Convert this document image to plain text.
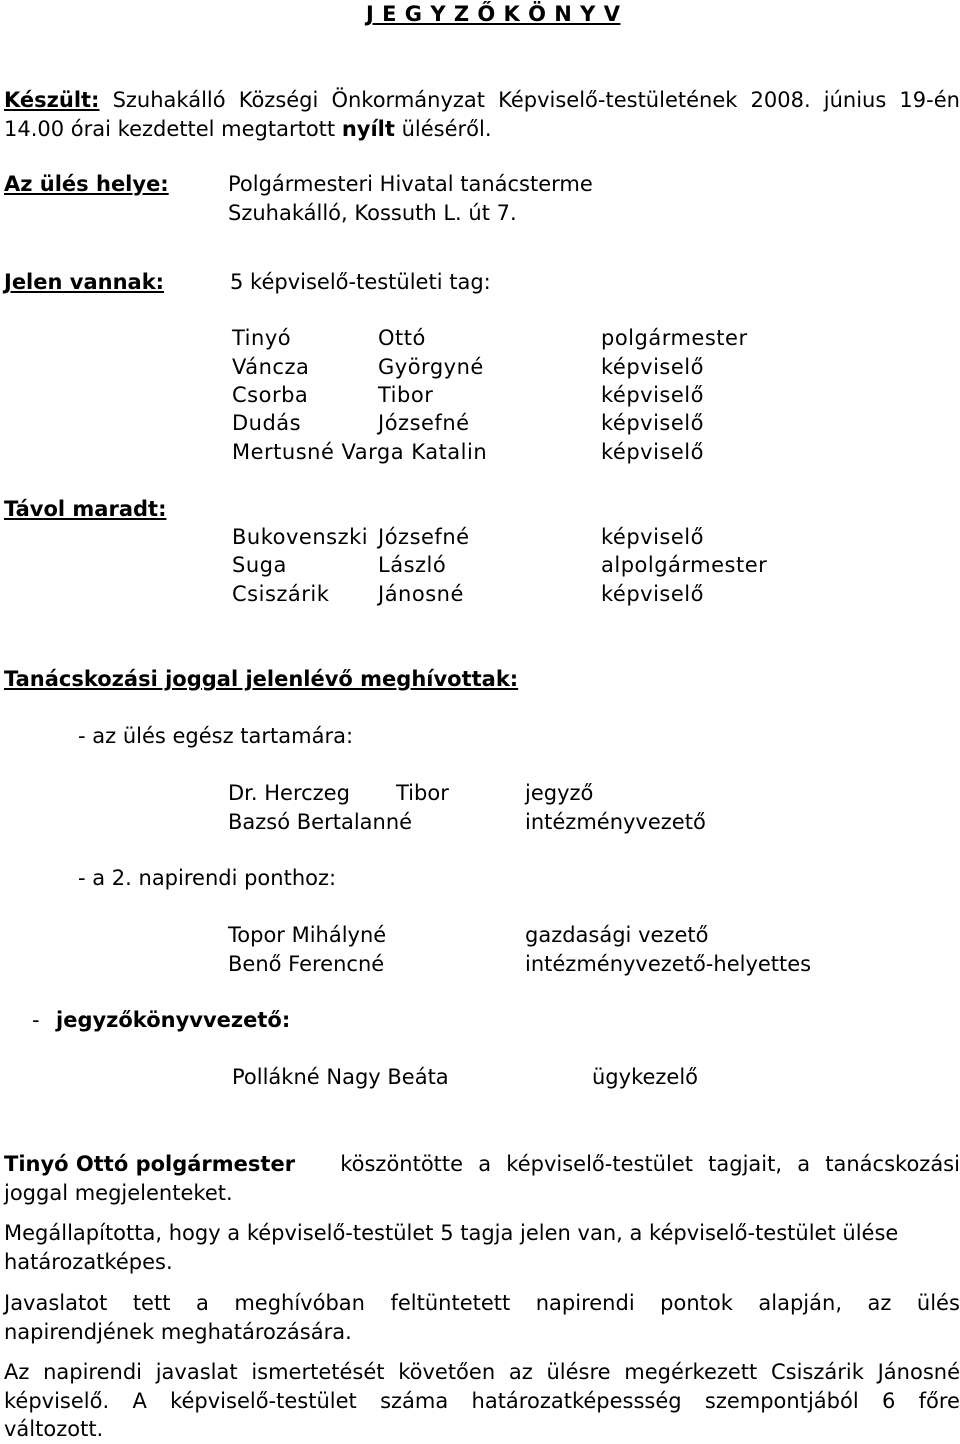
J E G Y Z Ő K Ö N Y V
Készült: Szuhakálló Községi Önkormányzat Képviselő-testületének 2008. június 19-én
14.00 órai kezdettel megtartott nyílt üléséről.
Az ülés helye:	Polgármesteri Hivatal tanácsterme
Szuhakálló, Kossuth L. út 7.
Jelen vannak:	5 képviselő-testületi tag:
Tinyó	Ottó	polgármester
Váncza	Györgyné	képviselő
Csorba	Tibor	képviselő
Dudás	Józsefné	képviselő
Mertusné Varga Katalin	képviselő
Távol maradt:
Bukovenszki Józsefné	képviselő
Suga	László	alpolgármester
Csiszárik Jánosné	képviselő
Tanácskozási joggal jelenlévő meghívottak:
- az ülés egész tartamára:
Dr. Herczeg Tibor	jegyző
Bazsó Bertalanné	intézményvezető
- a 2. napirendi ponthoz:
Topor Mihályné	gazdasági vezető
Benő Ferencné	intézményvezető-helyettes
- jegyzőkönyvvezető:
Pollákné Nagy Beáta	ügykezelő
Tinyó Ottó polgármester köszöntötte a képviselő-testület tagjait, a tanácskozási
joggal megjelenteket.
Megállapította, hogy a képviselő-testület 5 tagja jelen van, a képviselő-testület ülése
határozatképes.
Javaslatot tett a meghívóban feltüntetett napirendi pontok alapján, az ülés
napirendjének meghatározására.
Az napirendi javaslat ismertetését követően az ülésre megérkezett Csiszárik Jánosné
képviselő. A képviselő-testület száma határozatképessség szempontjából 6 főre
változott.
